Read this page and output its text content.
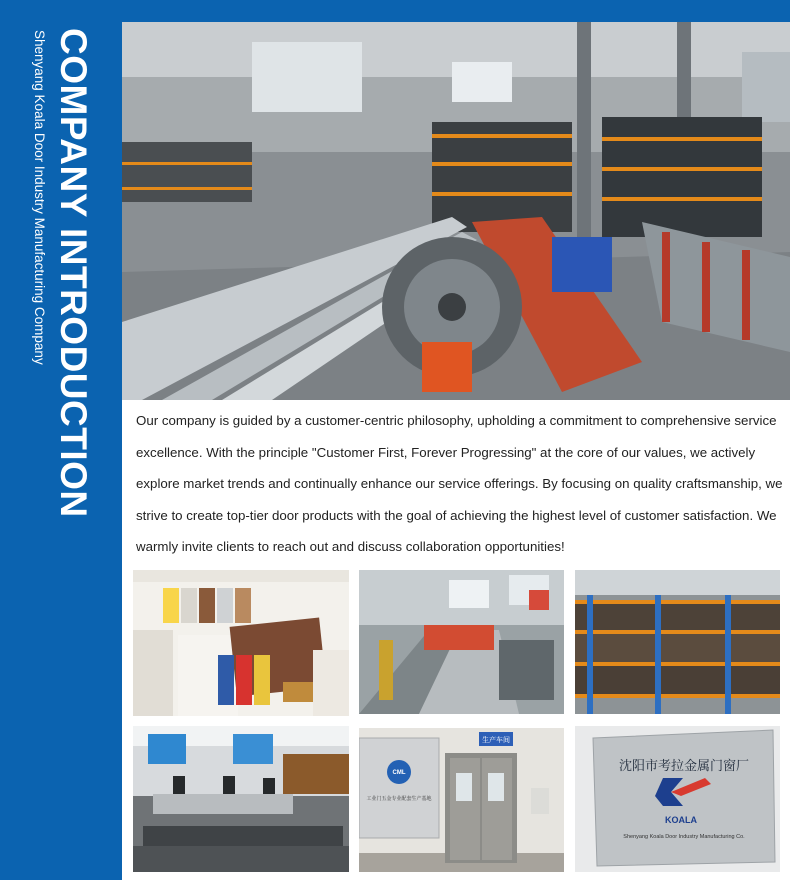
COMPANY INTRODUCTION
Shenyang Koala Door Industry Manufacturing Company

Our company is guided by a customer-centric philosophy, upholding a commitment to comprehensive service excellence. With the principle "Customer First, Forever Progressing" at the core of our values, we actively explore market trends and continually enhance our service offerings. By focusing on quality craftsmanship, we strive to create top-tier door products with the goal of achieving the highest level of customer satisfaction. We warmly invite clients to reach out and discuss collaboration opportunities!

CML
工业门五金专业配套生产基地
生产车间
沈阳市考拉金属门窗厂
KOALA
Shenyang Koala Door Industry Manufacturing Co.
